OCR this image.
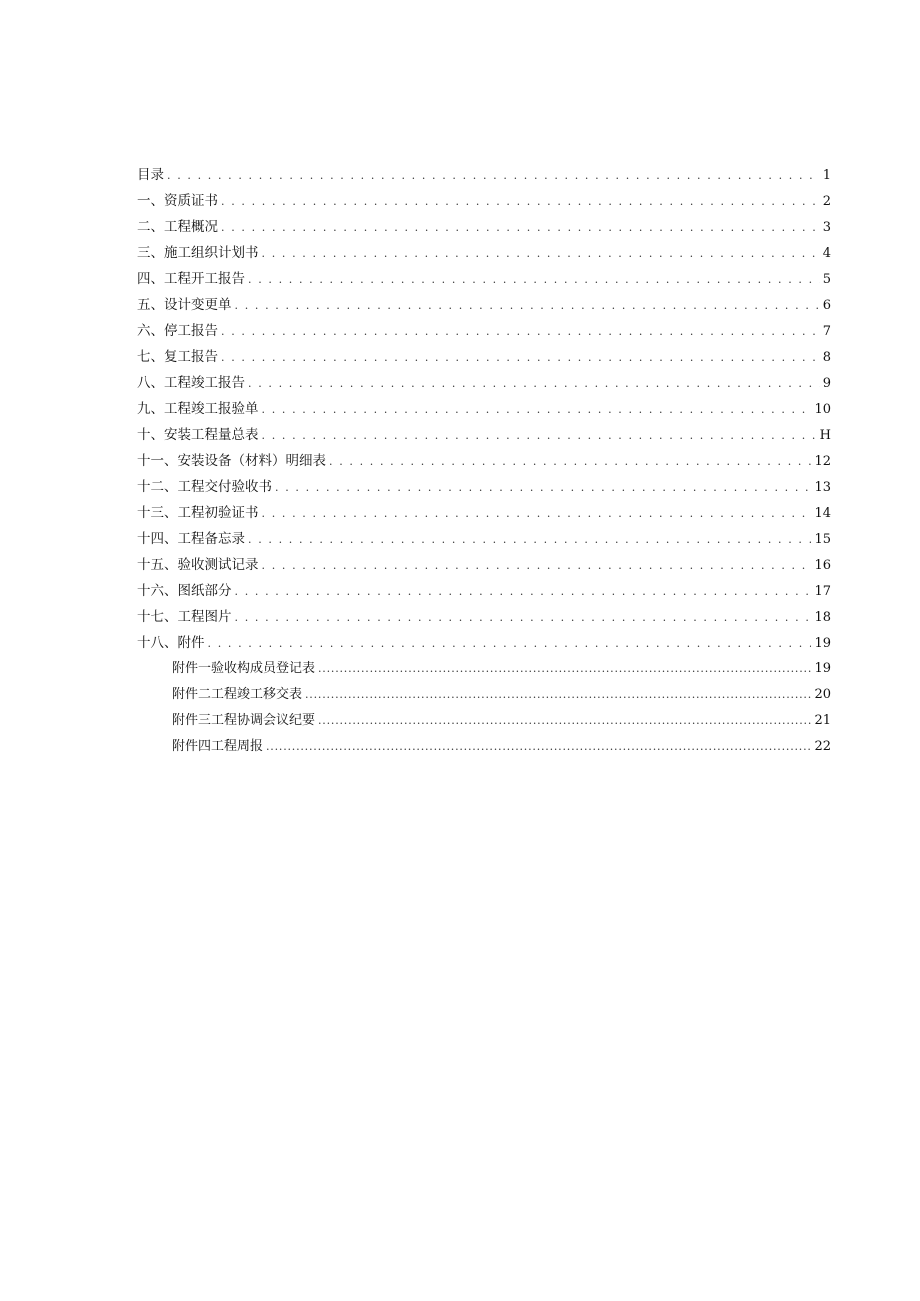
目录 . . .	1
一、资质证书 . . .	2
二、工程概况 . . .	3
三、施工组织计划书 . . .	4
四、工程开工报告 . . .	5
五、设计变更单 . . .	6
六、停工报告 . . .	7
七、复工报告 . . .	8
八、工程竣工报告 . . .	9
九、工程竣工报验单 . . .	10
十、安装工程量总表 . . .	H
十一、安装设备（材料）明细表 . . .	12
十二、工程交付验收书 . . .	13
十三、工程初验证书 . . .	14
十四、工程备忘录 . . .	15
十五、验收测试记录 . . .	16
十六、图纸部分 . . .	17
十七、工程图片 . . .	18
十八、附件 . . .	19
附件一验收构成员登记表 .....	19
附件二工程竣工移交表 .....	20
附件三工程协调会议纪要 .....	21
附件四工程周报 .....	22
